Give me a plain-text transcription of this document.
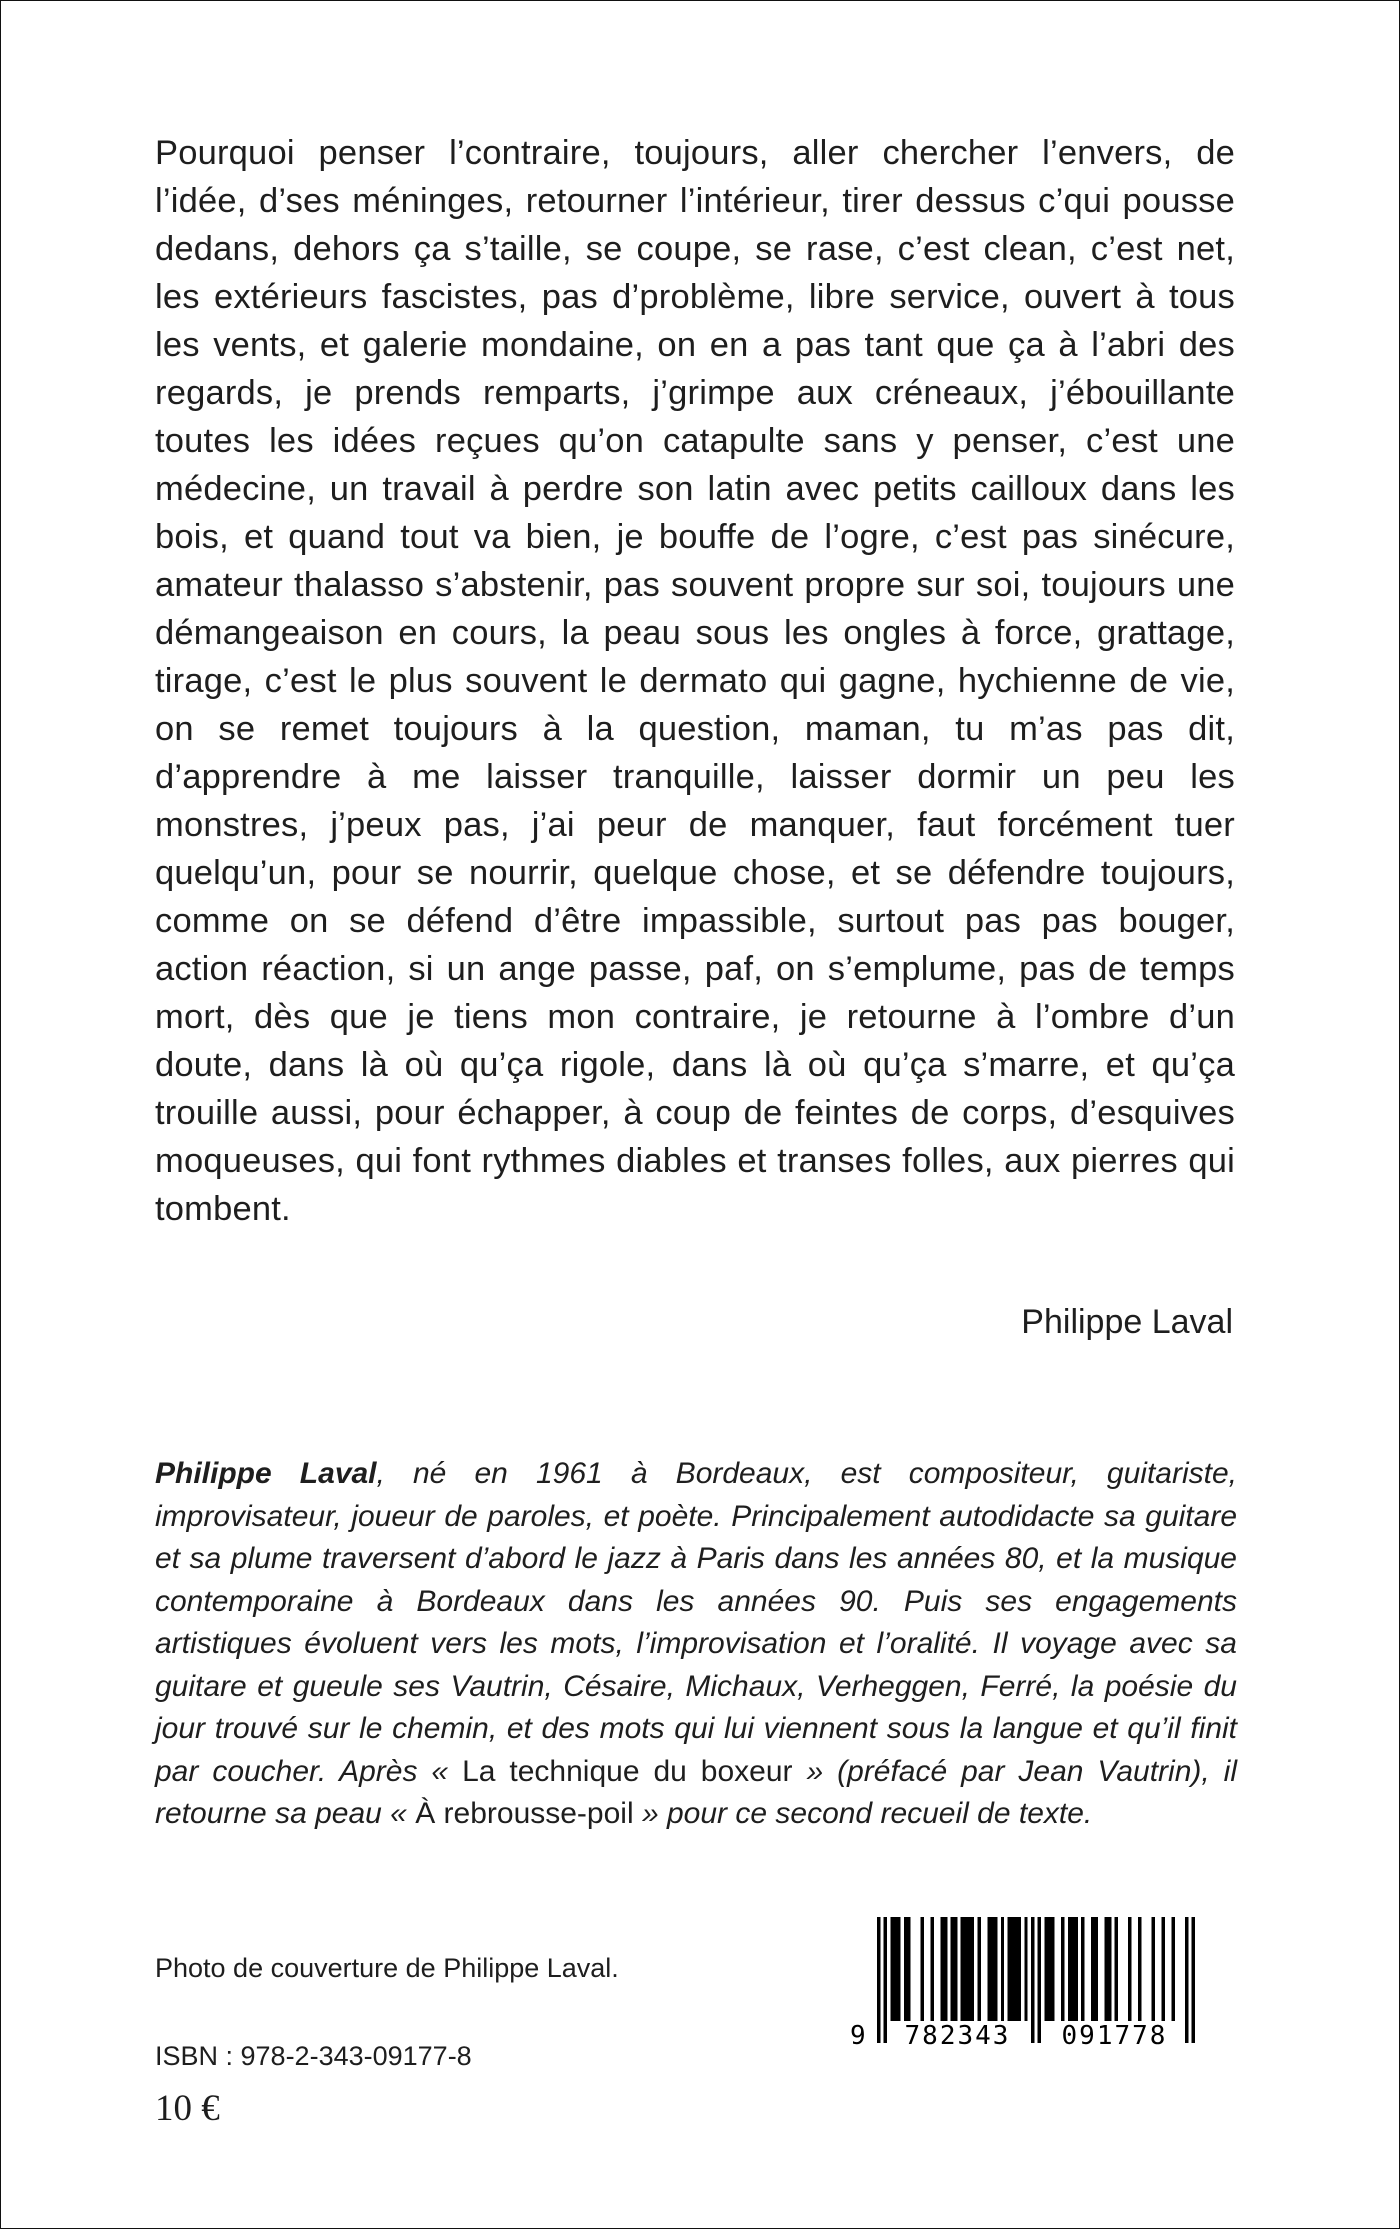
Pourquoi penser l’contraire, toujours, aller chercher l’envers, de l’idée, d’ses méninges, retourner l’intérieur, tirer dessus c’qui pousse dedans, dehors ça s’taille, se coupe, se rase, c’est clean, c’est net, les extérieurs fascistes, pas d’problème, libre service, ouvert à tous les vents, et galerie mondaine, on en a pas tant que ça à l’abri des regards, je prends remparts, j’grimpe aux créneaux, j’ébouillante toutes les idées reçues qu’on catapulte sans y penser, c’est une médecine, un travail à perdre son latin avec petits cailloux dans les bois, et quand tout va bien, je bouffe de l’ogre, c’est pas sinécure, amateur thalasso s’abstenir, pas souvent propre sur soi, toujours une démangeaison en cours, la peau sous les ongles à force, grattage, tirage, c’est le plus souvent le dermato qui gagne, hychienne de vie, on se remet toujours à la question, maman, tu m’as pas dit, d’apprendre à me laisser tranquille, laisser dormir un peu les monstres, j’peux pas, j’ai peur de manquer, faut forcément tuer quelqu’un, pour se nourrir, quelque chose, et se défendre toujours, comme on se défend d’être impassible, surtout pas pas bouger, action réaction, si un ange passe, paf, on s’emplume, pas de temps mort, dès que je tiens mon contraire, je retourne à l’ombre d’un doute, dans là où qu’ça rigole, dans là où qu’ça s’marre, et qu’ça trouille aussi, pour échapper, à coup de feintes de corps, d’esquives moqueuses, qui font rythmes diables et transes folles, aux pierres qui tombent.
Philippe Laval
Philippe Laval, né en 1961 à Bordeaux, est compositeur, guitariste, improvisateur, joueur de paroles, et poète. Principalement autodidacte sa guitare et sa plume traversent d’abord le jazz à Paris dans les années 80, et la musique contemporaine à Bordeaux dans les années 90. Puis ses engagements artistiques évoluent vers les mots, l’improvisation et l’oralité. Il voyage avec sa guitare et gueule ses Vautrin, Césaire, Michaux, Verheggen, Ferré, la poésie du jour trouvé sur le chemin, et des mots qui lui viennent sous la langue et qu’il finit par coucher. Après « La technique du boxeur » (préfacé par Jean Vautrin), il retourne sa peau « À rebrousse-poil » pour ce second recueil de texte.
Photo de couverture de Philippe Laval.
ISBN : 978-2-343-09177-8
10 €
9	782343	091778
